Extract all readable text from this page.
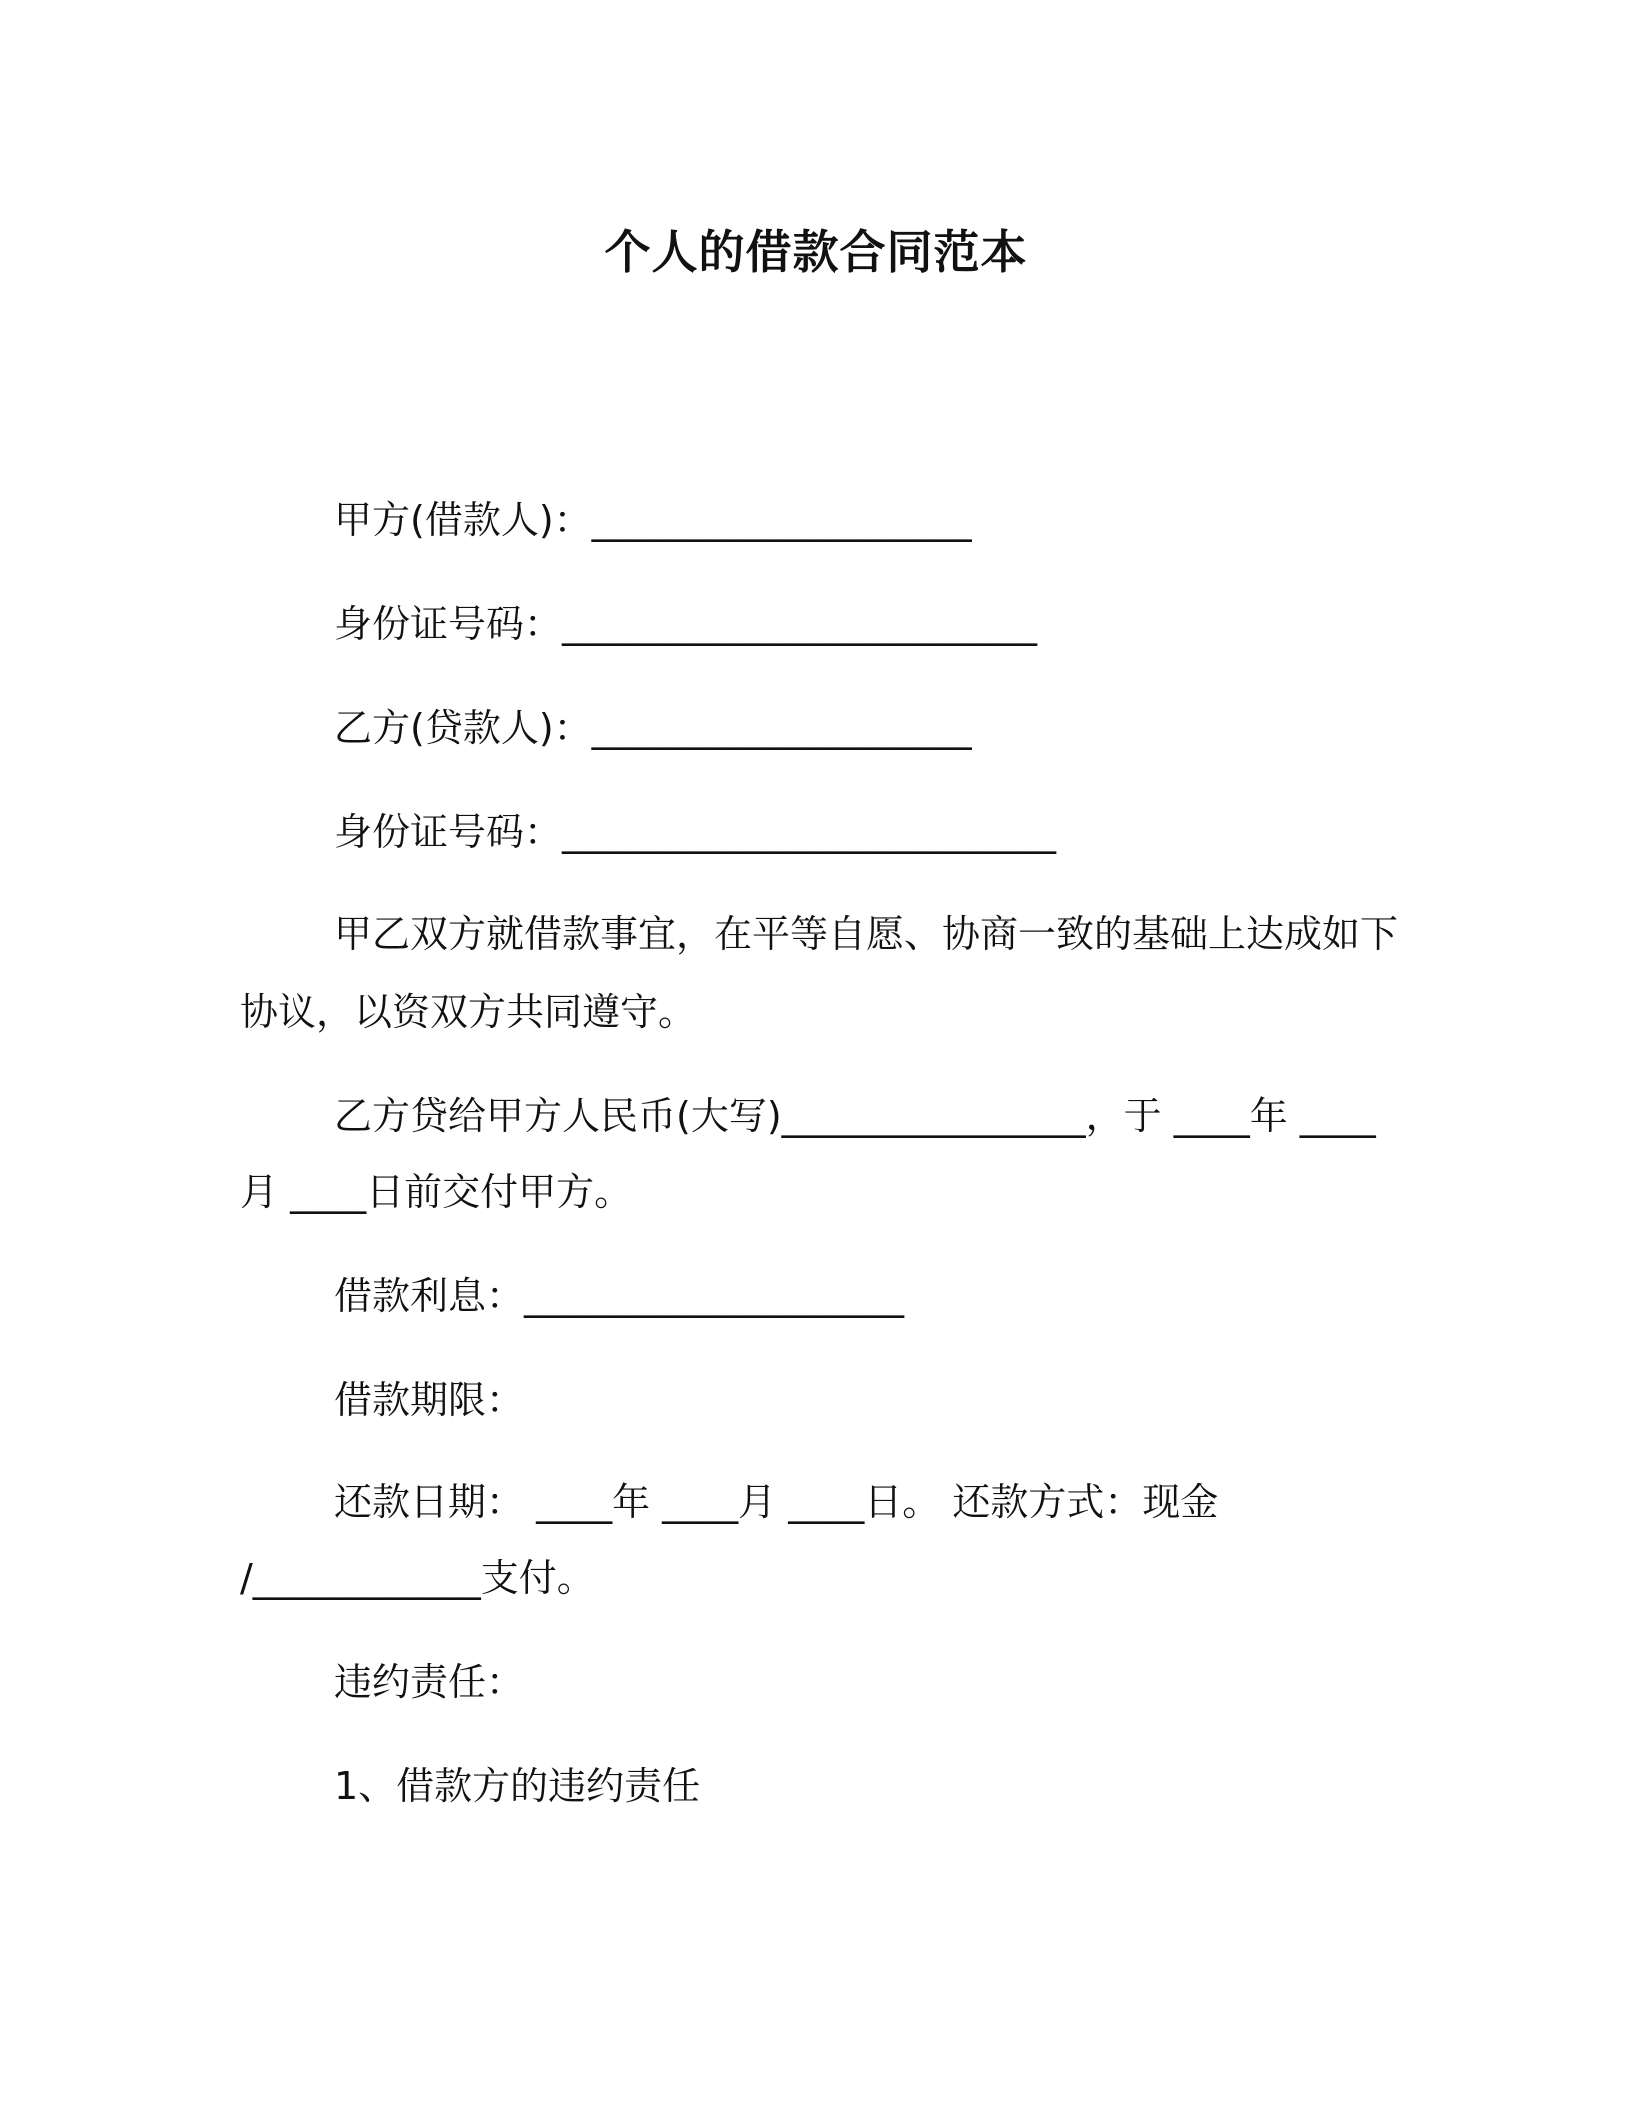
个人的借款合同范本
甲方(借款人)：____________________
身份证号码：_________________________
乙方(贷款人)：____________________
身份证号码：__________________________
甲乙双方就借款事宜，在平等自愿、协商一致的基础上达成如下
协议，以资双方共同遵守。
乙方贷给甲方人民币(大写)________________，于 ____年 ____
月 ____日前交付甲方。
借款利息：____________________
借款期限：
还款日期： ____年 ____月 ____日。 还款方式：现金
/____________支付。
违约责任：
1、借款方的违约责任
